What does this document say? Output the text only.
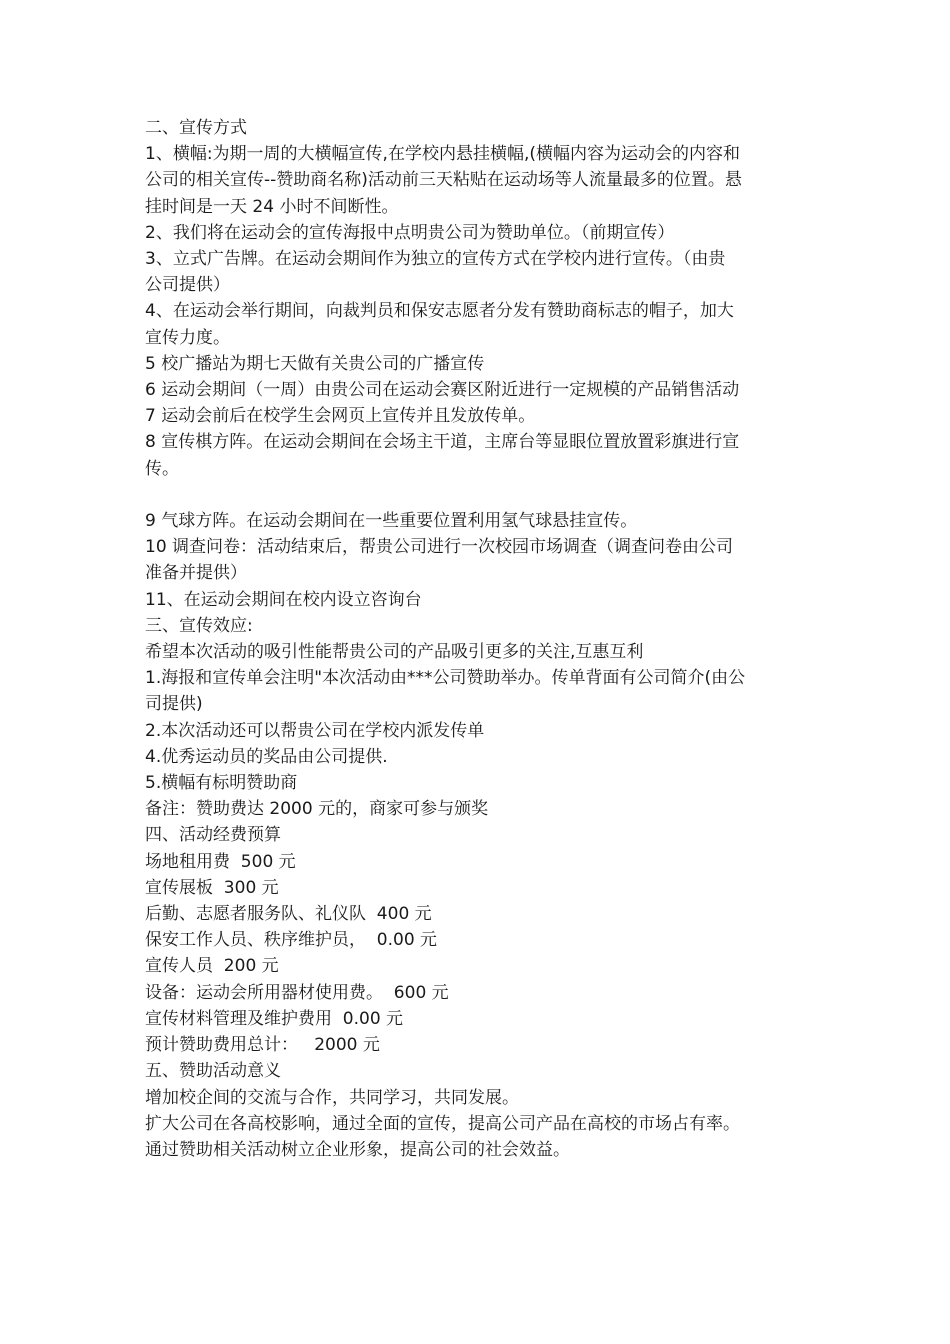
二、宣传方式
1、横幅:为期一周的大横幅宣传,在学校内悬挂横幅,(横幅内容为运动会的内容和
公司的相关宣传--赞助商名称)活动前三天粘贴在运动场等人流量最多的位置。悬
挂时间是一天 24 小时不间断性。
2、我们将在运动会的宣传海报中点明贵公司为赞助单位。（前期宣传）
3、立式广告牌。在运动会期间作为独立的宣传方式在学校内进行宣传。（由贵
公司提供）
4、在运动会举行期间，向裁判员和保安志愿者分发有赞助商标志的帽子，加大
宣传力度。
5 校广播站为期七天做有关贵公司的广播宣传
6 运动会期间（一周）由贵公司在运动会赛区附近进行一定规模的产品销售活动
7 运动会前后在校学生会网页上宣传并且发放传单。
8 宣传棋方阵。在运动会期间在会场主干道，主席台等显眼位置放置彩旗进行宣
传。
9 气球方阵。在运动会期间在一些重要位置利用氢气球悬挂宣传。
10 调查问卷：活动结束后，帮贵公司进行一次校园市场调查（调查问卷由公司
准备并提供）
11、在运动会期间在校内设立咨询台
三、宣传效应:
希望本次活动的吸引性能帮贵公司的产品吸引更多的关注,互惠互利
1.海报和宣传单会注明"本次活动由***公司赞助举办。传单背面有公司简介(由公
司提供)
2.本次活动还可以帮贵公司在学校内派发传单
4.优秀运动员的奖品由公司提供.
5.横幅有标明赞助商
备注：赞助费达 2000 元的，商家可参与颁奖
四、活动经费预算
场地租用费  500 元
宣传展板  300 元
后勤、志愿者服务队、礼仪队  400 元
保安工作人员、秩序维护员，  0.00 元
宣传人员  200 元
设备：运动会所用器材使用费。  600 元
宣传材料管理及维护费用  0.00 元
预计赞助费用总计：   2000 元
五、赞助活动意义
增加校企间的交流与合作，共同学习，共同发展。
扩大公司在各高校影响，通过全面的宣传，提高公司产品在高校的市场占有率。
通过赞助相关活动树立企业形象，提高公司的社会效益。
